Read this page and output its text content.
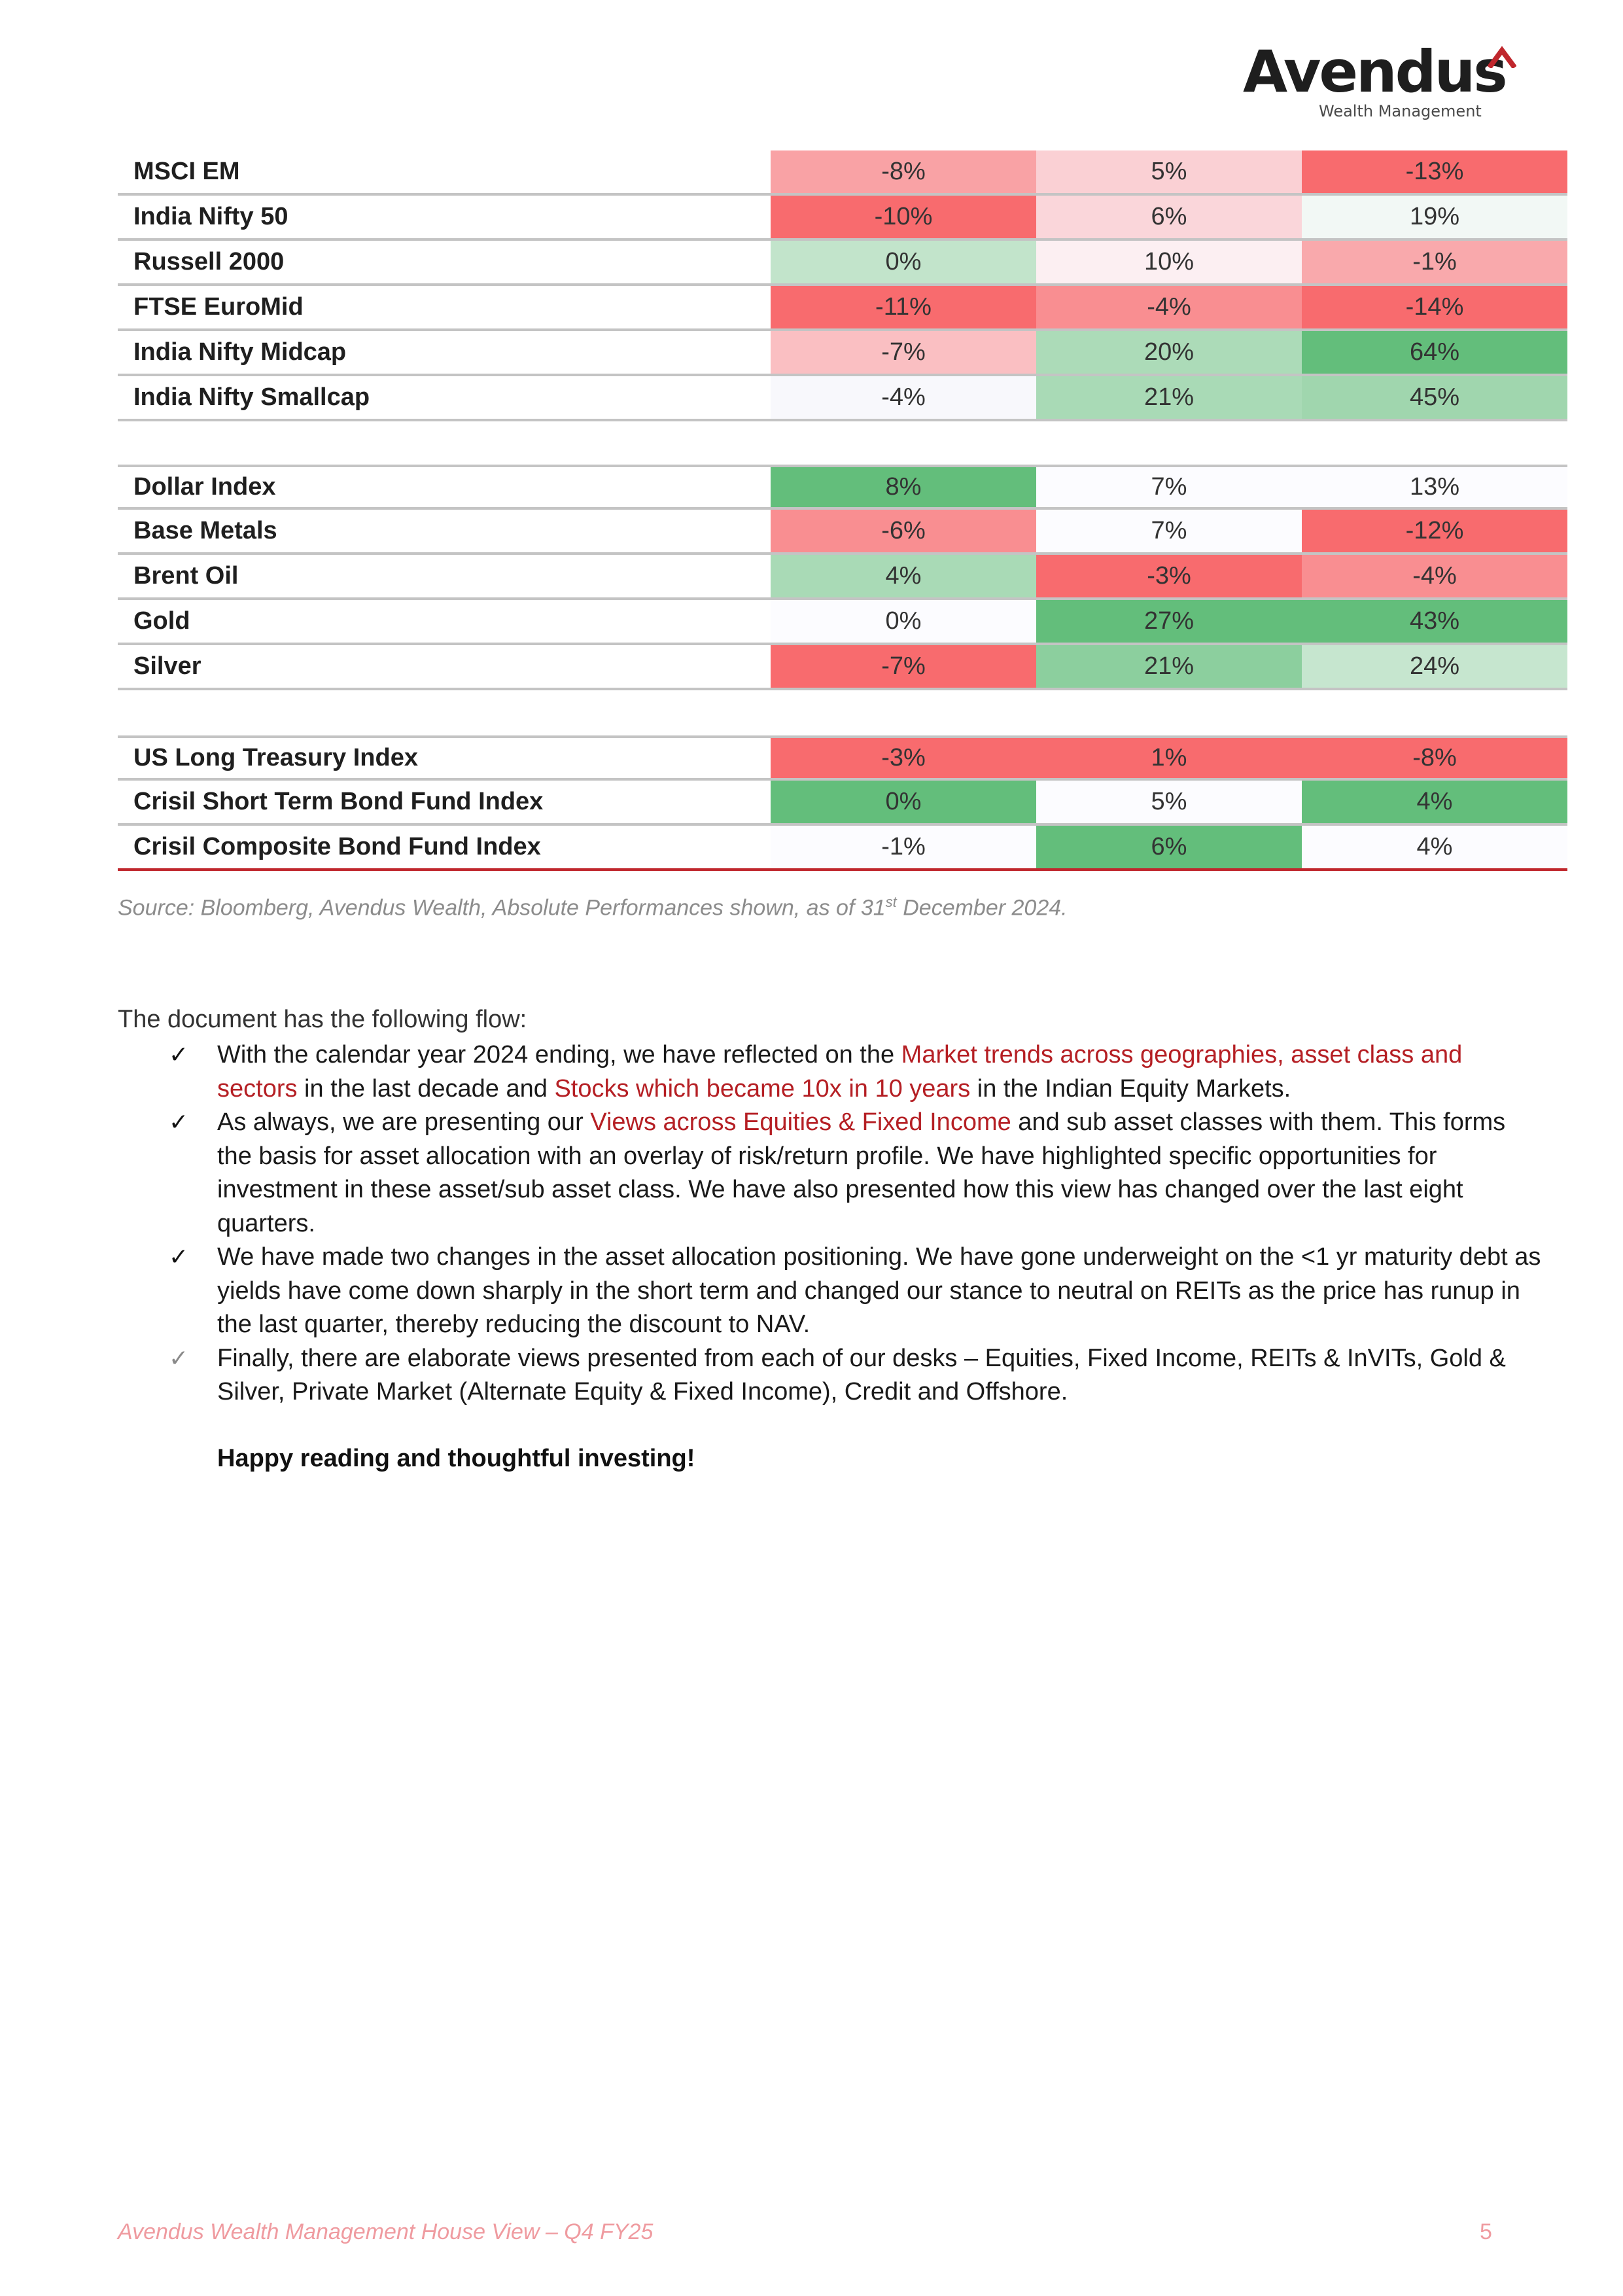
Avendus
Wealth Management
MSCI EM	-8%	5%	-13%
India Nifty 50	-10%	6%	19%
Russell 2000	0%	10%	-1%
FTSE EuroMid	-11%	-4%	-14%
India Nifty Midcap	-7%	20%	64%
India Nifty Smallcap	-4%	21%	45%
Dollar Index	8%	7%	13%
Base Metals	-6%	7%	-12%
Brent Oil	4%	-3%	-4%
Gold	0%	27%	43%
Silver	-7%	21%	24%
US Long Treasury Index	-3%	1%	-8%
Crisil Short Term Bond Fund Index	0%	5%	4%
Crisil Composite Bond Fund Index	-1%	6%	4%
Source: Bloomberg, Avendus Wealth, Absolute Performances shown, as of 31st December 2024.
The document has the following flow:
✓ With the calendar year 2024 ending, we have reflected on the Market trends across geographies, asset class and sectors in the last decade and Stocks which became 10x in 10 years in the Indian Equity Markets.
✓ As always, we are presenting our Views across Equities & Fixed Income and sub asset classes with them. This forms the basis for asset allocation with an overlay of risk/return profile. We have highlighted specific opportunities for investment in these asset/sub asset class. We have also presented how this view has changed over the last eight quarters.
✓ We have made two changes in the asset allocation positioning. We have gone underweight on the <1 yr maturity debt as yields have come down sharply in the short term and changed our stance to neutral on REITs as the price has runup in the last quarter, thereby reducing the discount to NAV.
✓ Finally, there are elaborate views presented from each of our desks – Equities, Fixed Income, REITs & InVITs, Gold & Silver, Private Market (Alternate Equity & Fixed Income), Credit and Offshore.
Happy reading and thoughtful investing!
Avendus Wealth Management House View – Q4 FY25	5
